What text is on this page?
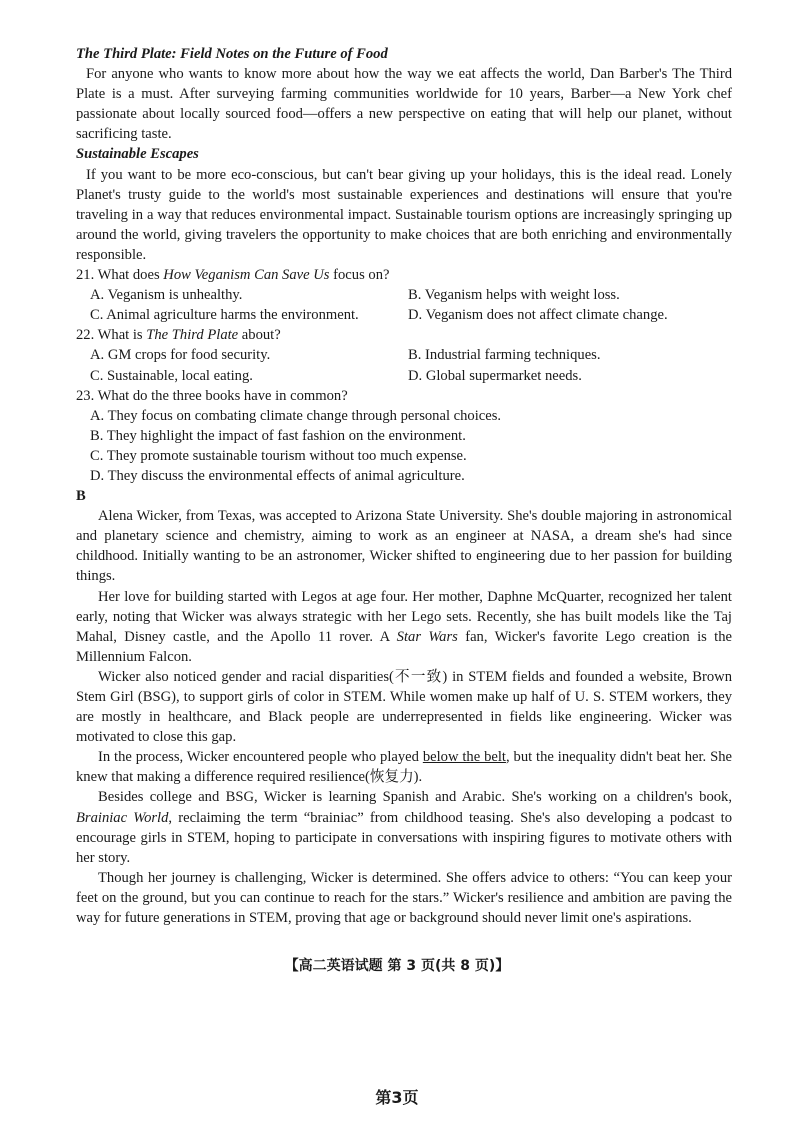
The Third Plate: Field Notes on the Future of Food

For anyone who wants to know more about how the way we eat affects the world, Dan Barber's The Third Plate is a must. After surveying farming communities worldwide for 10 years, Barber—a New York chef passionate about locally sourced food—offers a new perspective on eating that will help our planet, without sacrificing taste.

Sustainable Escapes

If you want to be more eco-conscious, but can't bear giving up your holidays, this is the ideal read. Lonely Planet's trusty guide to the world's most sustainable experiences and destinations will ensure that you're traveling in a way that reduces environmental impact. Sustainable tourism options are increasingly springing up around the world, giving travelers the opportunity to make choices that are both enriching and environmentally responsible.

21. What does How Veganism Can Save Us focus on?

A. Veganism is unhealthy.	B. Veganism helps with weight loss.
C. Animal agriculture harms the environment.	D. Veganism does not affect climate change.

22. What is The Third Plate about?

A. GM crops for food security.	B. Industrial farming techniques.
C. Sustainable, local eating.	D. Global supermarket needs.

23. What do the three books have in common?

A. They focus on combating climate change through personal choices.

B. They highlight the impact of fast fashion on the environment.

C. They promote sustainable tourism without too much expense.

D. They discuss the environmental effects of animal agriculture.

B

Alena Wicker, from Texas, was accepted to Arizona State University. She's double majoring in astronomical and planetary science and chemistry, aiming to work as an engineer at NASA, a dream she's had since childhood. Initially wanting to be an astronomer, Wicker shifted to engineering due to her passion for building things.

Her love for building started with Legos at age four. Her mother, Daphne McQuarter, recognized her talent early, noting that Wicker was always strategic with her Lego sets. Recently, she has built models like the Taj Mahal, Disney castle, and the Apollo 11 rover. A Star Wars fan, Wicker's favorite Lego creation is the Millennium Falcon.

Wicker also noticed gender and racial disparities(不一致) in STEM fields and founded a website, Brown Stem Girl (BSG), to support girls of color in STEM. While women make up half of U. S. STEM workers, they are mostly in healthcare, and Black people are underrepresented in fields like engineering. Wicker was motivated to close this gap.

In the process, Wicker encountered people who played below the belt, but the inequality didn't beat her. She knew that making a difference required resilience(恢复力).

Besides college and BSG, Wicker is learning Spanish and Arabic. She's working on a children's book, Brainiac World, reclaiming the term “brainiac” from childhood teasing. She's also developing a podcast to encourage girls in STEM, hoping to participate in conversations with inspiring figures to motivate others with her story.

Though her journey is challenging, Wicker is determined. She offers advice to others: “You can keep your feet on the ground, but you can continue to reach for the stars.” Wicker's resilience and ambition are paving the way for future generations in STEM, proving that age or background should never limit one's aspirations.

【高二英语试题 第 3 页(共 8 页)】
第3页
